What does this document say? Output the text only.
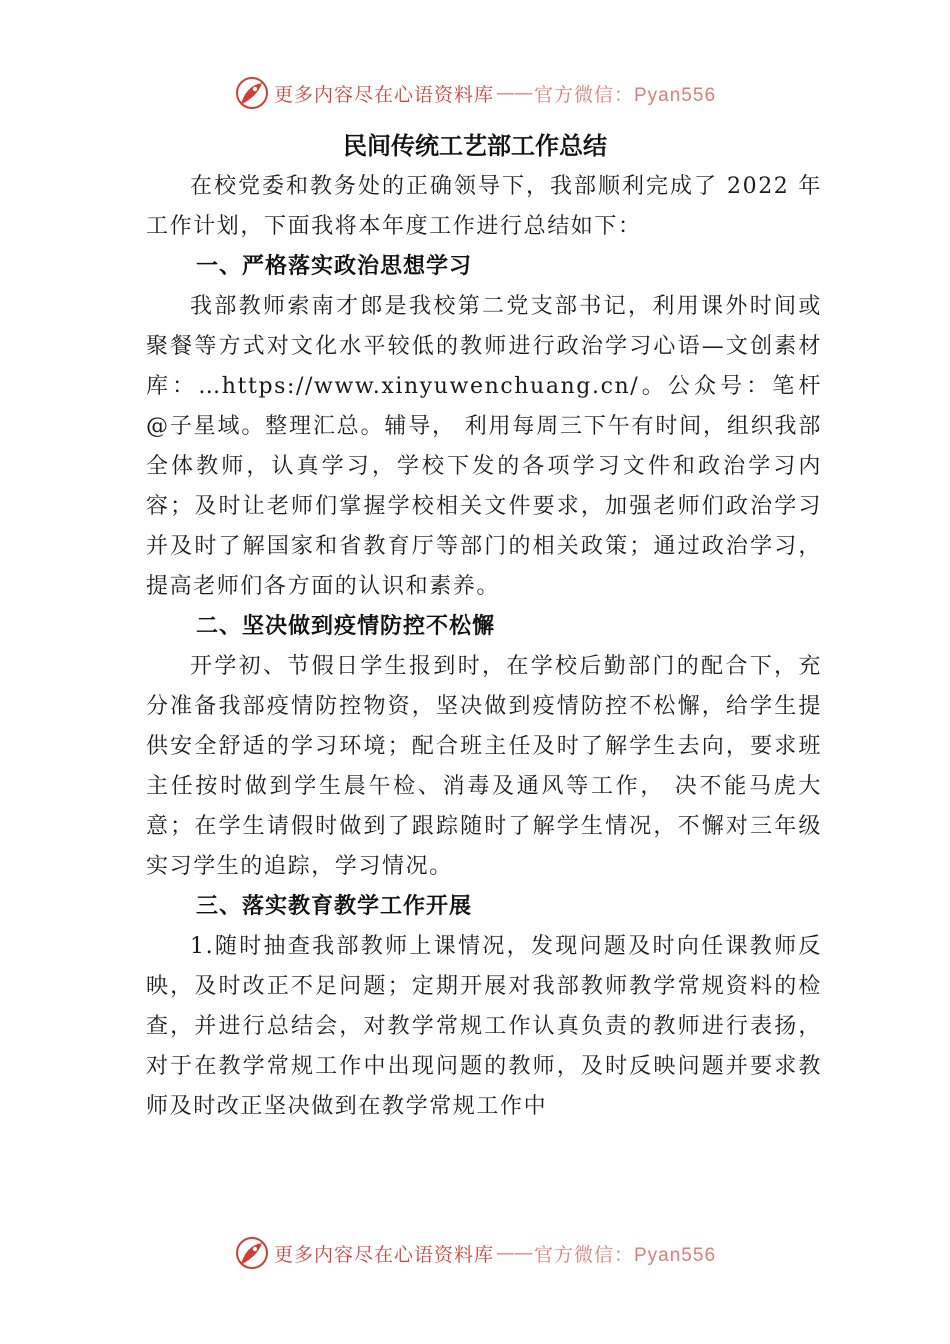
更多内容尽在心语资料库 —— 官方微信：Pyan556
民间传统工艺部工作总结

在校党委和教务处的正确领导下，我部顺利完成了 2022 年工作计划，下面我将本年度工作进行总结如下：

一、严格落实政治思想学习

我部教师索南才郎是我校第二党支部书记，利用课外时间或聚餐等方式对文化水平较低的教师进行政治学习心语—文创素材库：…https://www.xinyuwenchuang.cn/。公众号：笔杆@子星域。整理汇总。辅导， 利用每周三下午有时间，组织我部全体教师，认真学习，学校下发的各项学习文件和政治学习内容；及时让老师们掌握学校相关文件要求，加强老师们政治学习并及时了解国家和省教育厅等部门的相关政策；通过政治学习，提高老师们各方面的认识和素养。

二、坚决做到疫情防控不松懈

开学初、节假日学生报到时，在学校后勤部门的配合下，充分准备我部疫情防控物资，坚决做到疫情防控不松懈，给学生提供安全舒适的学习环境；配合班主任及时了解学生去向，要求班主任按时做到学生晨午检、消毒及通风等工作， 决不能马虎大意；在学生请假时做到了跟踪随时了解学生情况，不懈对三年级实习学生的追踪，学习情况。

三、落实教育教学工作开展

1.随时抽查我部教师上课情况，发现问题及时向任课教师反映，及时改正不足问题；定期开展对我部教师教学常规资料的检查，并进行总结会，对教学常规工作认真负责的教师进行表扬，对于在教学常规工作中出现问题的教师，及时反映问题并要求教师及时改正坚决做到在教学常规工作中

更多内容尽在心语资料库 —— 官方微信：Pyan556
